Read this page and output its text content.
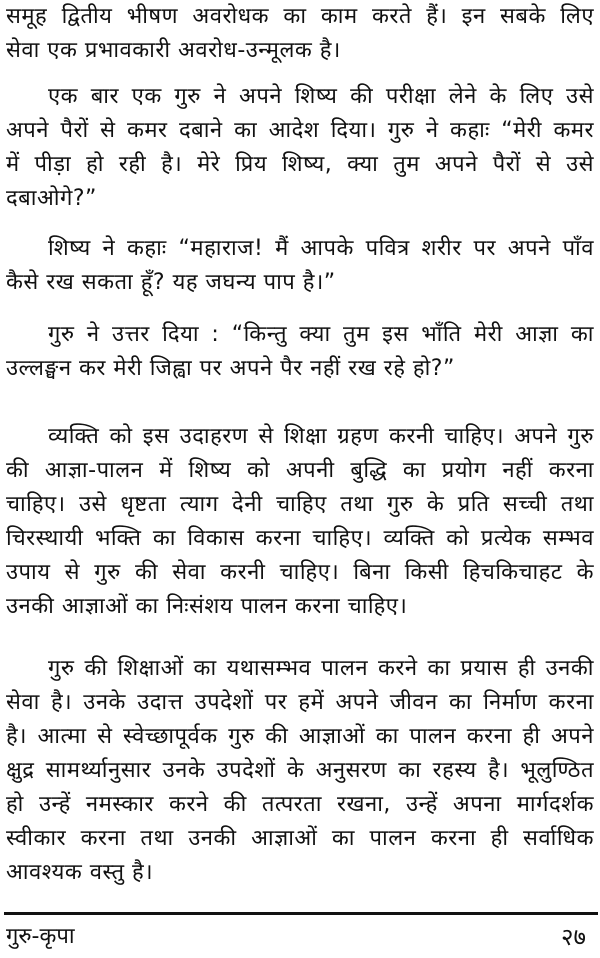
समूह द्वितीय भीषण अवरोधक का काम करते हैं। इन सबके लिए
सेवा एक प्रभावकारी अवरोध-उन्मूलक है।
एक बार एक गुरु ने अपने शिष्य की परीक्षा लेने के लिए उसे
अपने पैरों से कमर दबाने का आदेश दिया। गुरु ने कहाः “मेरी कमर
में पीड़ा हो रही है। मेरे प्रिय शिष्य, क्या तुम अपने पैरों से उसे
दबाओगे?”
शिष्य ने कहाः “महाराज! मैं आपके पवित्र शरीर पर अपने पाँव
कैसे रख सकता हूँ? यह जघन्य पाप है।”
गुरु ने उत्तर दिया : “किन्तु क्या तुम इस भाँति मेरी आज्ञा का
उल्लङ्घन कर मेरी जिह्वा पर अपने पैर नहीं रख रहे हो?”
व्यक्ति को इस उदाहरण से शिक्षा ग्रहण करनी चाहिए। अपने गुरु
की आज्ञा-पालन में शिष्य को अपनी बुद्धि का प्रयोग नहीं करना
चाहिए। उसे धृष्टता त्याग देनी चाहिए तथा गुरु के प्रति सच्ची तथा
चिरस्थायी भक्ति का विकास करना चाहिए। व्यक्ति को प्रत्येक सम्भव
उपाय से गुरु की सेवा करनी चाहिए। बिना किसी हिचकिचाहट के
उनकी आज्ञाओं का निःसंशय पालन करना चाहिए।
गुरु की शिक्षाओं का यथासम्भव पालन करने का प्रयास ही उनकी
सेवा है। उनके उदात्त उपदेशों पर हमें अपने जीवन का निर्माण करना
है। आत्मा से स्वेच्छापूर्वक गुरु की आज्ञाओं का पालन करना ही अपने
क्षुद्र सामर्थ्यानुसार उनके उपदेशों के अनुसरण का रहस्य है। भूलुण्ठित
हो उन्हें नमस्कार करने की तत्परता रखना, उन्हें अपना मार्गदर्शक
स्वीकार करना तथा उनकी आज्ञाओं का पालन करना ही सर्वाधिक
आवश्यक वस्तु है।
गुरु-कृपा	२७
